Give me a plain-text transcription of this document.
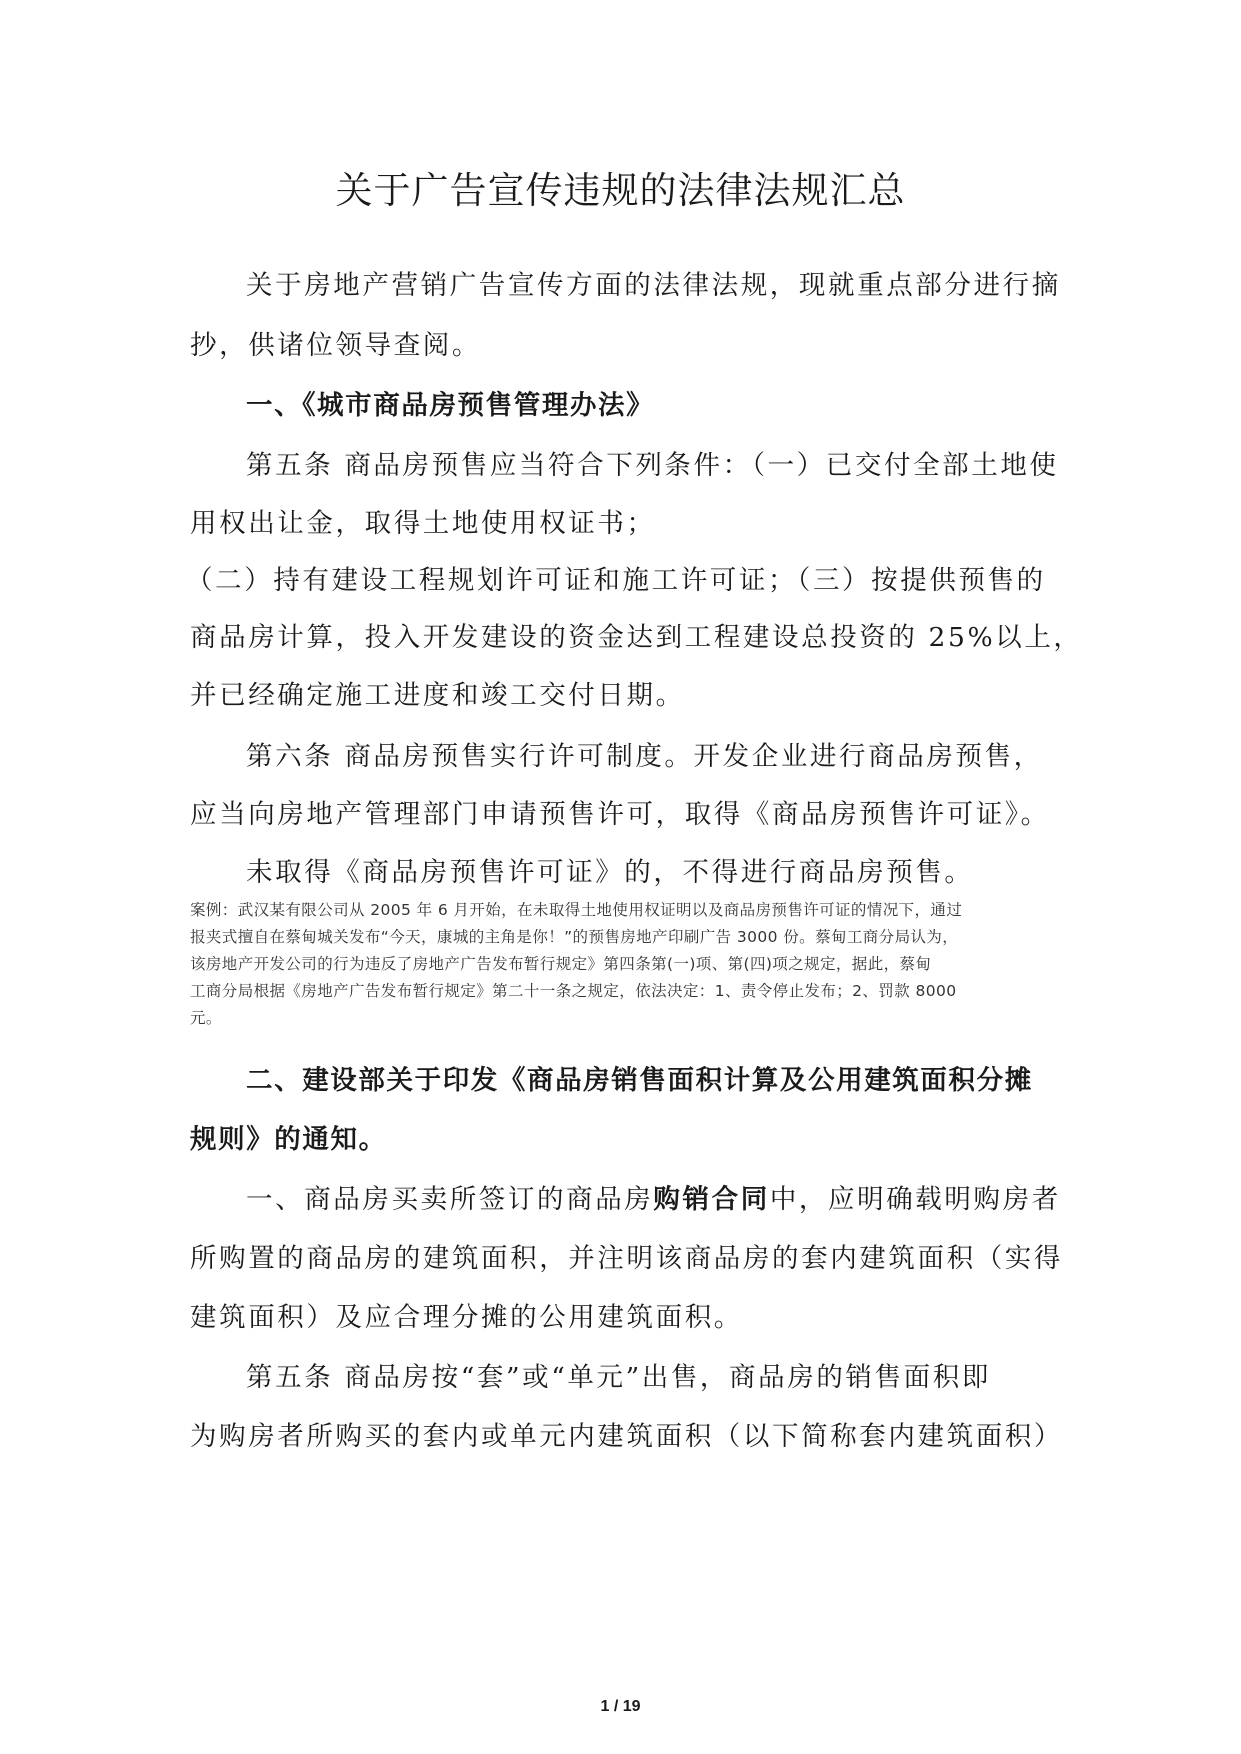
关于广告宣传违规的法律法规汇总
关于房地产营销广告宣传方面的法律法规，现就重点部分进行摘
抄，供诸位领导查阅。
一、《城市商品房预售管理办法》
第五条 商品房预售应当符合下列条件：（一）已交付全部土地使
用权出让金，取得土地使用权证书；
（二）持有建设工程规划许可证和施工许可证；（三）按提供预售的
商品房计算，投入开发建设的资金达到工程建设总投资的 25%以上，
并已经确定施工进度和竣工交付日期。
第六条 商品房预售实行许可制度。开发企业进行商品房预售，
应当向房地产管理部门申请预售许可，取得《商品房预售许可证》。
未取得《商品房预售许可证》的，不得进行商品房预售。
案例：武汉某有限公司从 2005 年 6 月开始，在未取得土地使用权证明以及商品房预售许可证的情况下，通过
报夹式擅自在蔡甸城关发布“今天，康城的主角是你！”的预售房地产印刷广告 3000 份。蔡甸工商分局认为，
该房地产开发公司的行为违反了房地产广告发布暂行规定》第四条第(一)项、第(四)项之规定，据此，蔡甸
工商分局根据《房地产广告发布暂行规定》第二十一条之规定，依法决定：1、责令停止发布；2、罚款 8000
元。
二、建设部关于印发《商品房销售面积计算及公用建筑面积分摊
规则》的通知。
一、商品房买卖所签订的商品房购销合同中，应明确载明购房者
所购置的商品房的建筑面积，并注明该商品房的套内建筑面积（实得
建筑面积）及应合理分摊的公用建筑面积。
第五条 商品房按“套”或“单元”出售，商品房的销售面积即
为购房者所购买的套内或单元内建筑面积（以下简称套内建筑面积）
1 / 19
